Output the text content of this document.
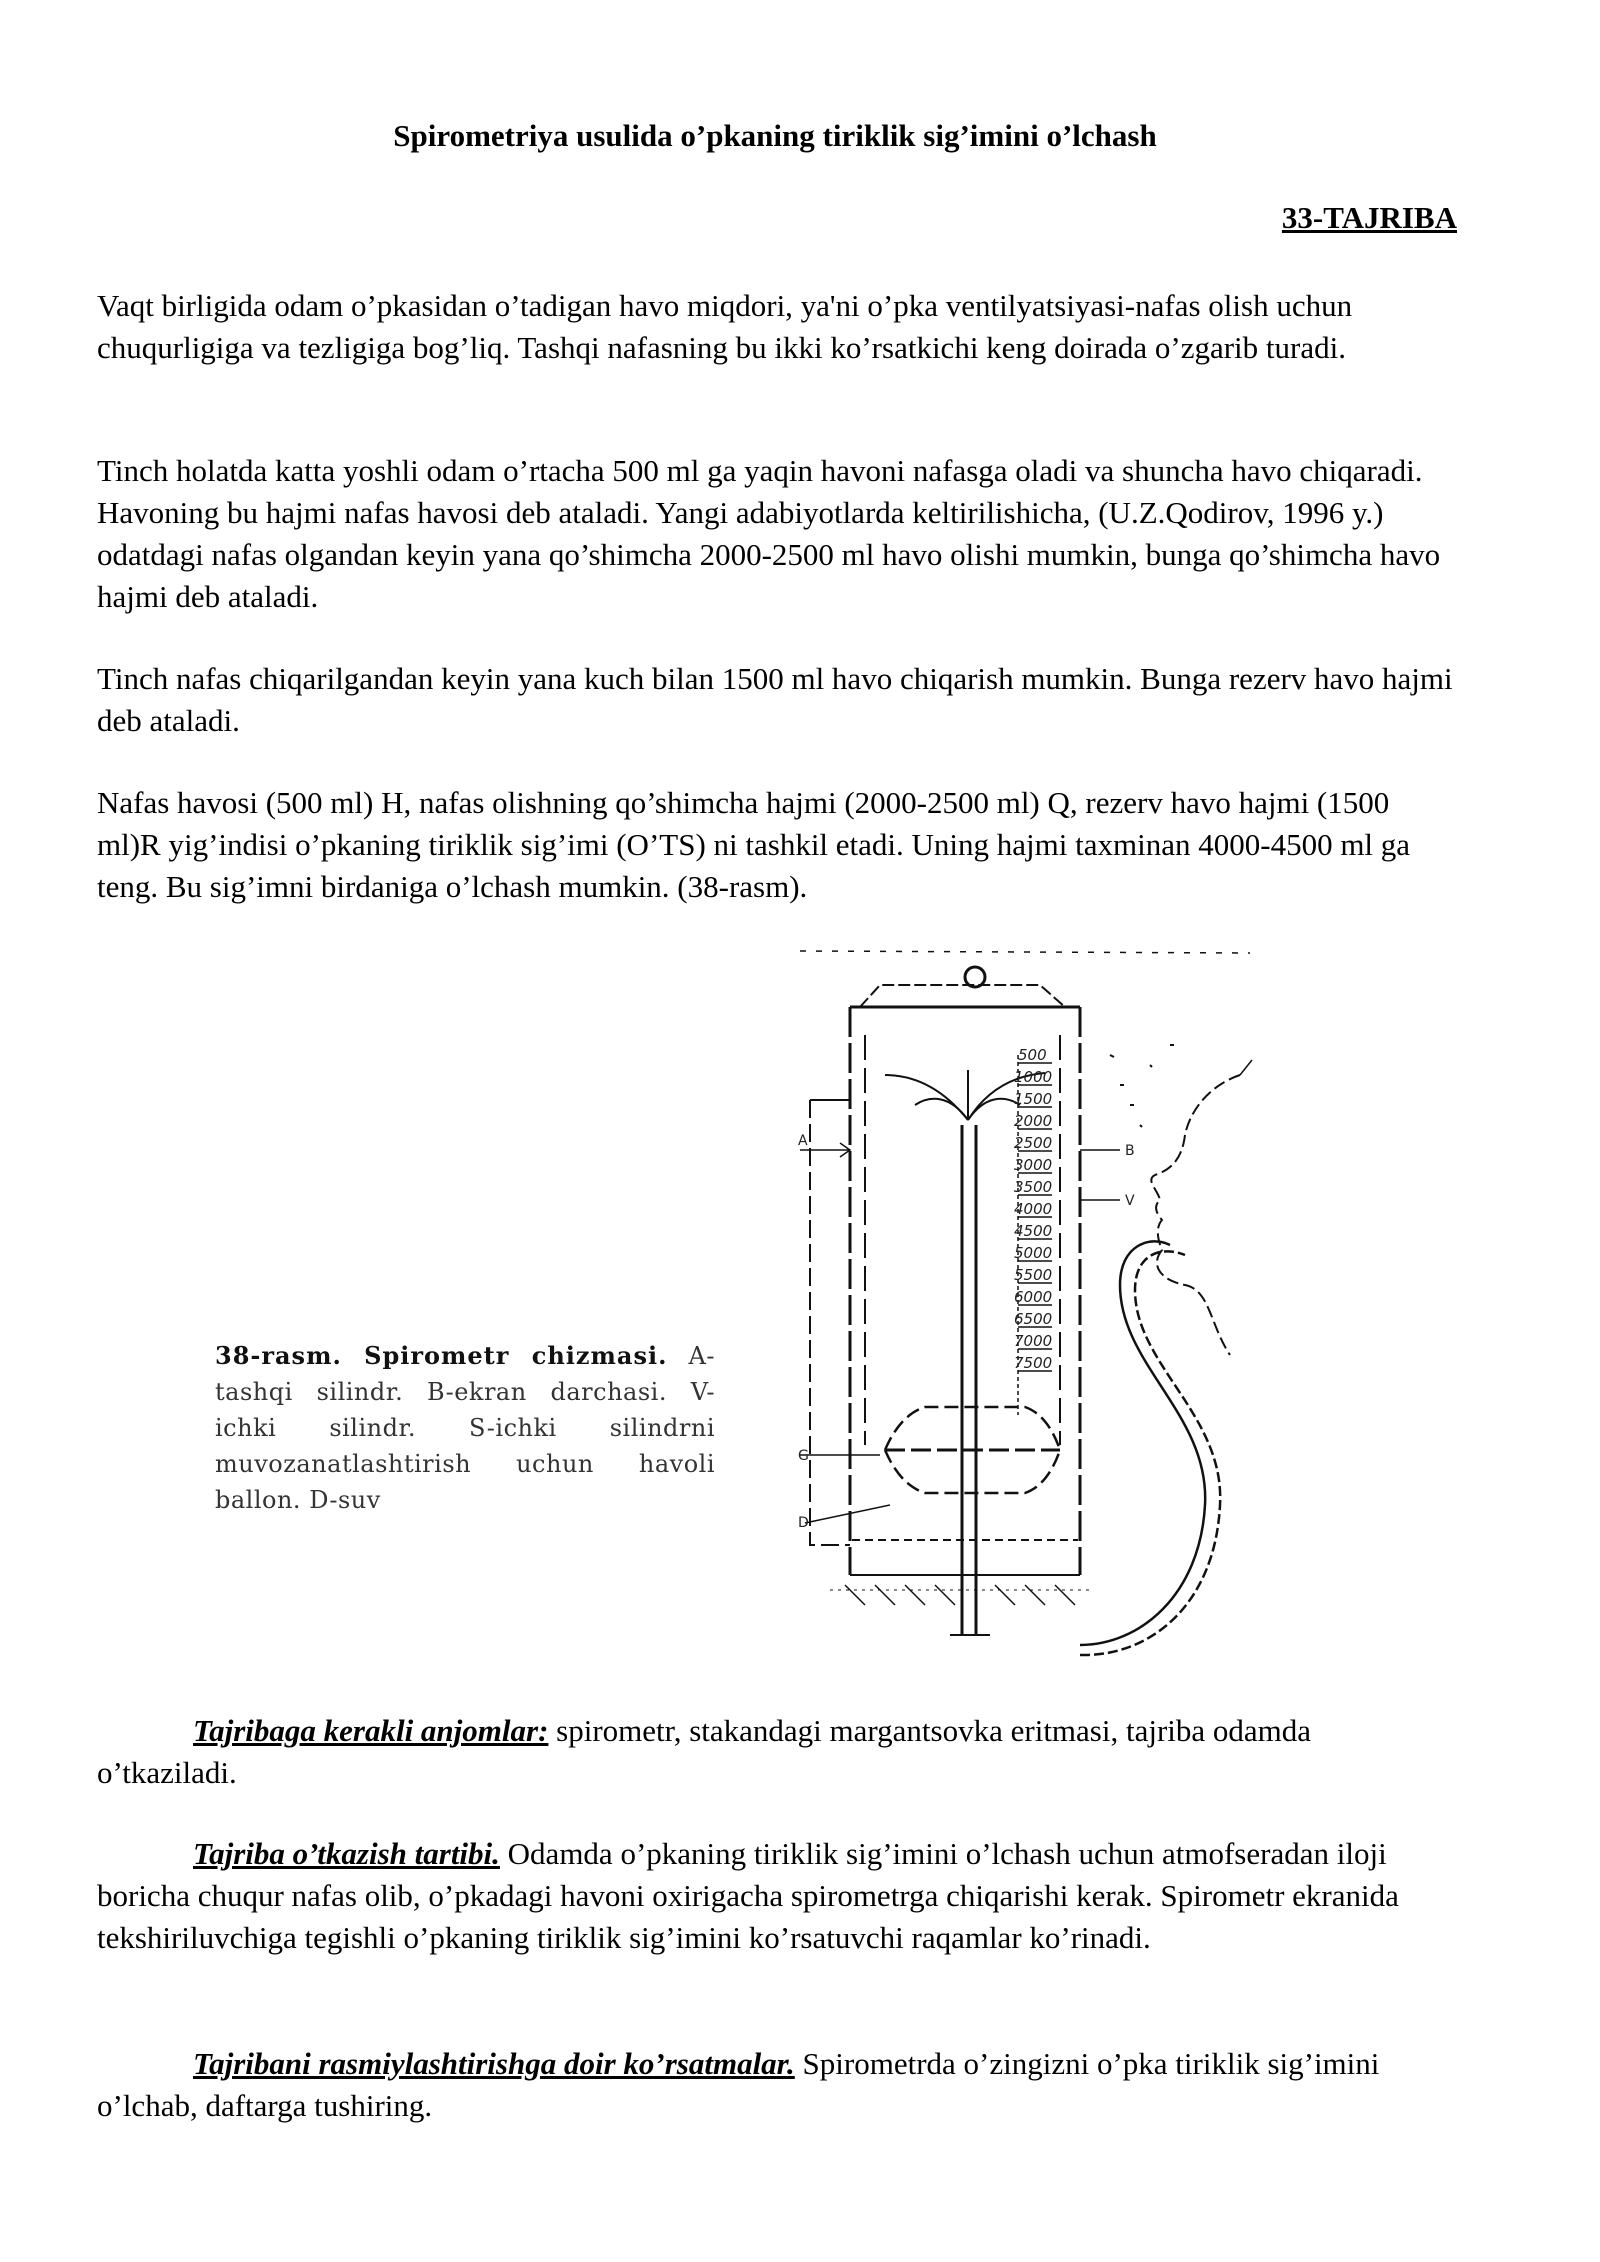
Spirometriya usulida o’pkaning tiriklik sig’imini o’lchash
33-TAJRIBA

Vaqt birligida odam o’pkasidan o’tadigan havo miqdori, ya'ni o’pka ventilyatsiyasi-nafas olish uchun chuqurligiga va tezligiga bog’liq. Tashqi nafasning bu ikki ko’rsatkichi keng doirada o’zgarib turadi.

Tinch holatda katta yoshli odam o’rtacha 500 ml ga yaqin havoni nafasga oladi va shuncha havo chiqaradi. Havoning bu hajmi nafas havosi deb ataladi. Yangi adabiyotlarda keltirilishicha, (U.Z.Qodirov, 1996 y.) odatdagi nafas olgandan keyin yana qo’shimcha 2000-2500 ml havo olishi mumkin, bunga qo’shimcha havo hajmi deb ataladi.

Tinch nafas chiqarilgandan keyin yana kuch bilan 1500 ml havo chiqarish mumkin. Bunga rezerv havo hajmi deb ataladi.

Nafas havosi (500 ml) H, nafas olishning qo’shimcha hajmi (2000-2500 ml) Q, rezerv havo hajmi (1500 ml)R yig’indisi o’pkaning tiriklik sig’imi (O’TS) ni tashkil etadi. Uning hajmi taxminan 4000-4500 ml ga teng. Bu sig’imni birdaniga o’lchash mumkin. (38-rasm).

38-rasm. Spirometr chizmasi. A-
tashqi silindr. B-ekran darchasi. V-
ichki silindr. S-ichki silindrni
muvozanatlashtirish uchun havoli
ballon. D-suv
500
1000
1500
2000
2500
3000
3500
4000
4500
5000
5500
6000
6500
7000
7500
A
B
V
G
D

Tajribaga kerakli anjomlar: spirometr, stakandagi margantsovka eritmasi, tajriba odamda o’tkaziladi.

Tajriba o’tkazish tartibi. Odamda o’pkaning tiriklik sig’imini o’lchash uchun atmofseradan iloji boricha chuqur nafas olib, o’pkadagi havoni oxirigacha spirometrga chiqarishi kerak. Spirometr ekranida tekshiriluvchiga tegishli o’pkaning tiriklik sig’imini ko’rsatuvchi raqamlar ko’rinadi.

Tajribani rasmiylashtirishga doir ko’rsatmalar. Spirometrda o’zingizni o’pka tiriklik sig’imini o’lchab, daftarga tushiring.
